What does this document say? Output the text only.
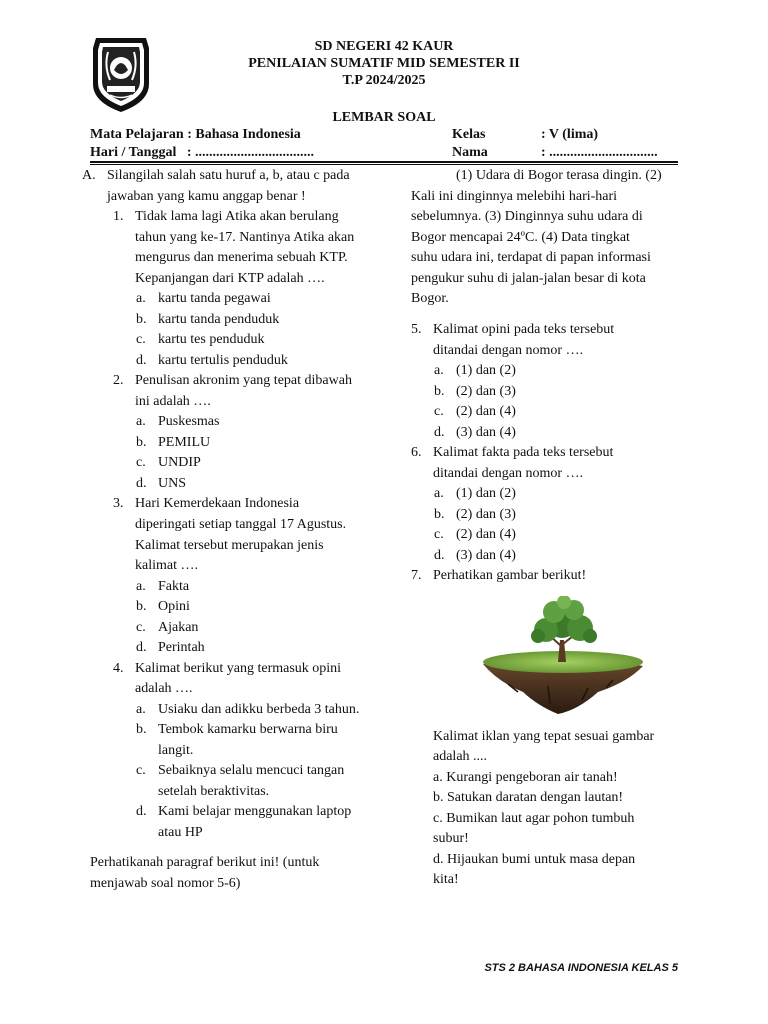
SD NEGERI 42 KAUR
PENILAIAN SUMATIF MID SEMESTER II
T.P 2024/2025
LEMBAR SOAL
Mata Pelajaran : Bahasa Indonesia
Hari / Tanggal   : ..................................
Kelas	: V (lima)
Nama	: ...............................
A. Silangilah salah satu huruf a, b, atau c pada
jawaban yang kamu anggap benar !
1. Tidak lama lagi Atika akan berulang
tahun yang ke-17. Nantinya Atika akan
mengurus dan menerima sebuah KTP.
Kepanjangan dari KTP adalah ….
a. kartu tanda pegawai
b. kartu tanda penduduk
c. kartu tes penduduk
d. kartu tertulis penduduk
2. Penulisan akronim yang tepat dibawah
ini adalah ….
a. Puskesmas
b. PEMILU
c. UNDIP
d. UNS
3. Hari Kemerdekaan Indonesia
diperingati setiap tanggal 17 Agustus.
Kalimat tersebut merupakan jenis
kalimat ….
a. Fakta
b. Opini
c. Ajakan
d. Perintah
4. Kalimat berikut yang termasuk opini
adalah ….
a. Usiaku dan adikku berbeda 3 tahun.
b. Tembok kamarku berwarna biru
langit.
c. Sebaiknya selalu mencuci tangan
setelah beraktivitas.
d. Kami belajar menggunakan laptop
atau HP
Perhatikanah paragraf berikut ini! (untuk
menjawab soal nomor 5-6)
(1) Udara di Bogor terasa dingin. (2)
Kali ini dinginnya melebihi hari-hari
sebelumnya. (3) Dinginnya suhu udara di
Bogor mencapai 24ºC. (4) Data tingkat
suhu udara ini, terdapat di papan informasi
pengukur suhu di jalan-jalan besar di kota
Bogor.
5. Kalimat opini pada teks tersebut
ditandai dengan nomor ….
a. (1) dan (2)
b. (2) dan (3)
c. (2) dan (4)
d. (3) dan (4)
6. Kalimat fakta pada teks tersebut
ditandai dengan nomor ….
a. (1) dan (2)
b. (2) dan (3)
c. (2) dan (4)
d. (3) dan (4)
7. Perhatikan gambar berikut!
Kalimat iklan yang tepat sesuai gambar
adalah ....
a. Kurangi pengeboran air tanah!
b. Satukan daratan dengan lautan!
c. Bumikan laut agar pohon tumbuh
subur!
d. Hijaukan bumi untuk masa depan
kita!
STS 2 BAHASA INDONESIA KELAS 5
